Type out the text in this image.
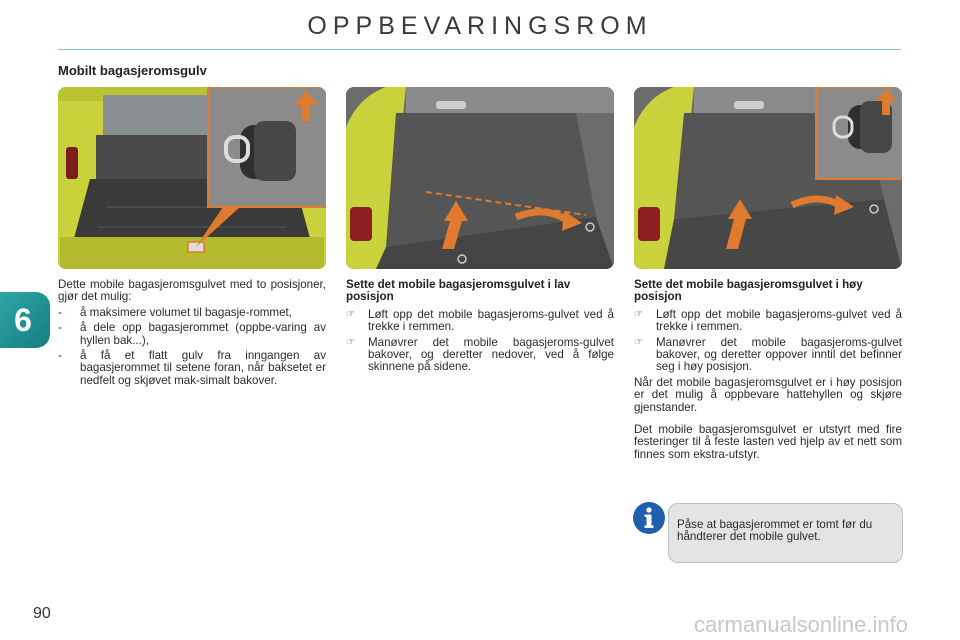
OPPBEVARINGSROM
Mobilt bagasjeromsgulv

Dette mobile bagasjeromsgulvet med to posisjoner, gjør det mulig:

-	å maksimere volumet til bagasje-rommet,
-	å dele opp bagasjerommet (oppbe-varing av hyllen bak...),
-	å få et flatt gulv fra inngangen av bagasjerommet til setene foran, når baksetet er nedfelt og skjøvet mak-simalt bakover.

Sette det mobile bagasjeromsgulvet i lav posisjon

☞	Løft opp det mobile bagasjeroms-gulvet ved å trekke i remmen.
☞	Manøvrer det mobile bagasjeroms-gulvet bakover, og deretter nedover, ved å følge skinnene på sidene.

Sette det mobile bagasjeromsgulvet i høy posisjon

☞	Løft opp det mobile bagasjeroms-gulvet ved å trekke i remmen.
☞	Manøvrer det mobile bagasjeroms-gulvet bakover, og deretter oppover inntil det befinner seg i høy posisjon.

Når det mobile bagasjeromsgulvet er i høy posisjon er det mulig å oppbevare hattehyllen og skjøre gjenstander.

Det mobile bagasjeromsgulvet er utstyrt med fire festeringer til å feste lasten ved hjelp av et nett som finnes som ekstra-utstyr.

6
Påse at bagasjerommet er tomt før du håndterer det mobile gulvet.
90	carmanualsonline.info
